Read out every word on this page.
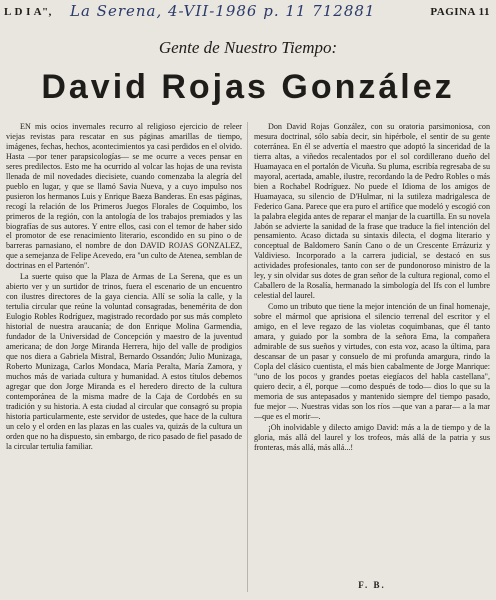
L D I A", La Serena, 4-VII-1986 p. 11 712881	PAGINA 11
Gente de Nuestro Tiempo:
David Rojas González

EN mis ocios invernales recurro al religioso ejercicio de releer viejas revistas para rescatar en sus páginas amarillas de tiempo, imágenes, fechas, hechos, acontecimientos ya casi perdidos en el olvido. Hasta —por tener parapsicologías— se me ocurre a veces pensar en seres predilectos. Esto me ha ocurrido al volcar las hojas de una revista llenada de mil novedades diecisiete, cuando comenzaba la alegría del pueblo en lugar, y que se llamó Savia Nueva, y a cuyo impulso nos pusieron los hermanos Luis y Enrique Baeza Banderas. En esas páginas, recogí la relación de los Primeros Juegos Florales de Coquimbo, los primeros de la región, con la antología de los trabajos premiados y las biografías de sus autores. Y entre ellos, casi con el temor de haber sido el promotor de ese renacimiento literario, escondido en su pino o de barreras parnasiano, el nombre de don DAVID ROJAS GONZALEZ, que a semejanza de Felipe Acevedo, era "un culto de Atenea, semblan de doctrinas en el Partenón".

La suerte quiso que la Plaza de Armas de La Serena, que es un abierto ver y un surtidor de trinos, fuera el escenario de un encuentro con ilustres directores de la gaya ciencia. Allí se solía la calle, y la tertulia circular que reúne la voluntad consagradas, benemérita de don Eulogio Robles Rodríguez, magistrado recordado por sus más completo historial de nuestra araucanía; de don Enrique Molina Garmendia, fundador de la Universidad de Concepción y maestro de la juventud americana; de don Jorge Miranda Herrera, hijo del valle de prodigios que nos diera a Gabriela Mistral, Bernardo Ossandón; Julio Munizaga, Roberto Munizaga, Carlos Mondaca, María Peralta, María Zamora, y muchos más de variada cultura y humanidad. A estos títulos debemos agregar que don Jorge Miranda es el heredero directo de la cultura contemporánea de la misma madre de la Caja de Cordobés en su tradición y su historia. A esta ciudad al circular que consagró su propia historia particularmente, este servidor de ustedes, que hace de la cultura un celo y el orden en las plazas en las cuales va, quizás de la cultura un orden que no ha dispuesto, sin embargo, de rico pasado de fiel pasado de la circular tertulia familiar.

Don David Rojas González, con su oratoria parsimoniosa, con mesura doctrinal, sólo sabía decir, sin hipérbole, el sentir de su gente coterránea. En él se advertía el maestro que adoptó la sinceridad de la tierra altas, a viñedos recalentados por el sol cordillerano dueño del Huamayaca en el portalón de Vicuña. Su pluma, escribía regresaba de su mayoral, acertada, amable, ilustre, recordando la de Pedro Robles o más bien a Rochabel Rodríguez. No puede el Idioma de los amigos de Huamayaca, su silencio de D'Hulmar, ni la sutileza madrigalesca de Federico Gana. Parece que era puro el artífice que modeló y escogió con la palabra elegida antes de reparar el manjar de la cuartilla. En su novela Jabón se advierte la sanidad de la frase que traduce la fiel intención del pensamiento. Acaso dictada su sintaxis dilecta, el dogma literario y conceptual de Baldomero Sanín Cano o de un Crescente Errázuriz y Valdivieso. Incorporado a la carrera judicial, se destacó en sus actividades profesionales, tanto con ser de pundonoroso ministro de la ley, y sin olvidar sus dotes de gran señor de la cultura regional, como el Caballero de la Rosalía, hermanado la simbología del Ifs con el lumbre celestial del laurel.

Como un tributo que tiene la mejor intención de un final homenaje, sobre el mármol que aprisiona el silencio terrenal del escritor y el amigo, en el leve regazo de las violetas coquimbanas, que él tanto amara, y guiado por la sombra de la señora Ema, la compañera admirable de sus sueños y virtudes, con esta voz, acaso la última, para descansar de un pasar y consuelo de mi profunda amargura, rindo la Copla del clásico cuentista, el más bien cabalmente de Jorge Manrique: "uno de los pocos y grandes poetas eiegíacos del habla castellana", quiero decir, a él, porque —como después de todo— dios lo que su la memoria de sus antepasados y mantenido siempre del tiempo pasado, fue mejor —. Nuestras vidas son los ríos —que van a parar— a la mar —que es el morir—.

¡Oh inolvidable y dilecto amigo David: más a la de tiempo y de la gloria, más allá del laurel y los trofeos, más allá de la patria y sus fronteras, más allá, más allá...!

F. B.
